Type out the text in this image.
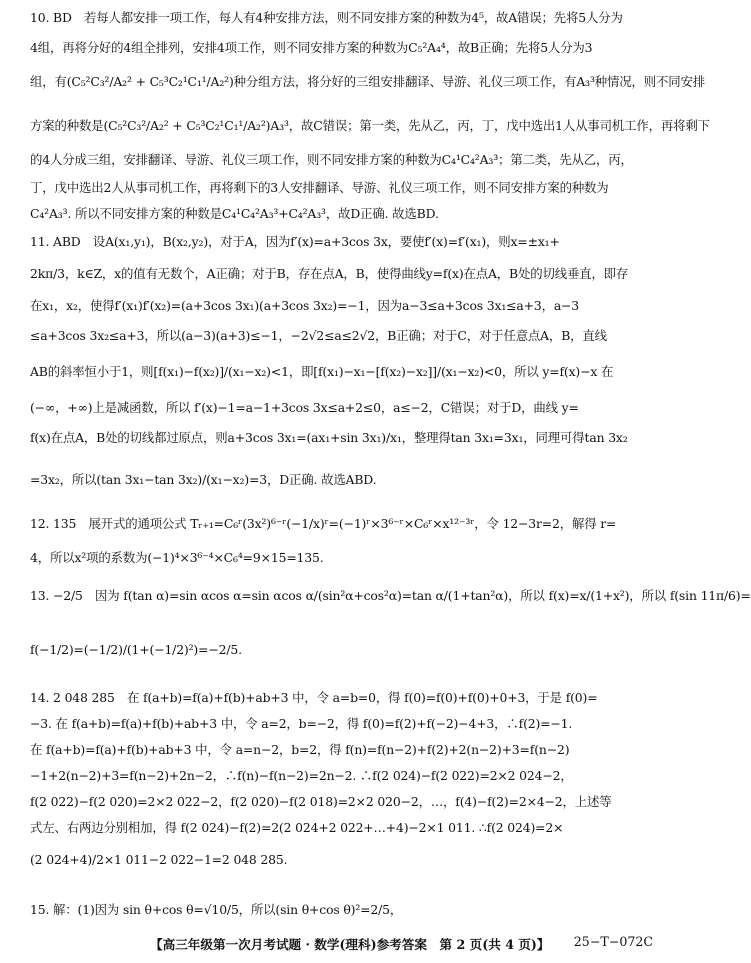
10. BD　若每人都安排一项工作，每人有4种安排方法，则不同安排方案的种数为4⁵，故A错误；先将5人分为
4组，再将分好的4组全排列，安排4项工作，则不同安排方案的种数为C₅²A₄⁴，故B正确；先将5人分为3
组，有(C₅²C₃²/A₂² + C₅³C₂¹C₁¹/A₂²)种分组方法，将分好的三组安排翻译、导游、礼仪三项工作，有A₃³种情况，则不同安排
方案的种数是(C₅²C₃²/A₂² + C₅³C₂¹C₁¹/A₂²)A₃³，故C错误；第一类，先从乙，丙，丁，戊中选出1人从事司机工作，再将剩下
的4人分成三组，安排翻译、导游、礼仪三项工作，则不同安排方案的种数为C₄¹C₄²A₃³；第二类，先从乙，丙，
丁，戊中选出2人从事司机工作，再将剩下的3人安排翻译、导游、礼仪三项工作，则不同安排方案的种数为
C₄²A₃³. 所以不同安排方案的种数是C₄¹C₄²A₃³+C₄²A₃³，故D正确. 故选BD.
11. ABD　设A(x₁,y₁)，B(x₂,y₂)，对于A，因为f′(x)=a+3cos 3x，要使f′(x)=f′(x₁)，则x=±x₁+
2kπ/3，k∈Z，x的值有无数个，A正确；对于B，存在点A，B，使得曲线y=f(x)在点A，B处的切线垂直，即存
在x₁，x₂，使得f′(x₁)f′(x₂)=(a+3cos 3x₁)(a+3cos 3x₂)=−1，因为a−3≤a+3cos 3x₁≤a+3，a−3
≤a+3cos 3x₂≤a+3，所以(a−3)(a+3)≤−1，−2√2≤a≤2√2，B正确；对于C，对于任意点A，B，直线
AB的斜率恒小于1，则[f(x₁)−f(x₂)]/(x₁−x₂)<1，即[f(x₁)−x₁−[f(x₂)−x₂]]/(x₁−x₂)<0，所以 y=f(x)−x 在
(−∞，+∞)上是减函数，所以 f′(x)−1=a−1+3cos 3x≤a+2≤0，a≤−2，C错误；对于D，曲线 y=
f(x)在点A，B处的切线都过原点，则a+3cos 3x₁=(ax₁+sin 3x₁)/x₁，整理得tan 3x₁=3x₁，同理可得tan 3x₂
=3x₂，所以(tan 3x₁−tan 3x₂)/(x₁−x₂)=3，D正确. 故选ABD.
12. 135　展开式的通项公式 Tᵣ₊₁=C₆ʳ(3x²)⁶⁻ʳ(−1/x)ʳ=(−1)ʳ×3⁶⁻ʳ×C₆ʳ×x¹²⁻³ʳ，令 12−3r=2，解得 r=
4，所以x²项的系数为(−1)⁴×3⁶⁻⁴×C₆⁴=9×15=135.
13. −2/5　因为 f(tan α)=sin αcos α=sin αcos α/(sin²α+cos²α)=tan α/(1+tan²α)，所以 f(x)=x/(1+x²)，所以 f(sin 11π/6)=
f(−1/2)=(−1/2)/(1+(−1/2)²)=−2/5.
14. 2 048 285　在 f(a+b)=f(a)+f(b)+ab+3 中，令 a=b=0，得 f(0)=f(0)+f(0)+0+3，于是 f(0)=
−3. 在 f(a+b)=f(a)+f(b)+ab+3 中，令 a=2，b=−2，得 f(0)=f(2)+f(−2)−4+3，∴f(2)=−1.
在 f(a+b)=f(a)+f(b)+ab+3 中，令 a=n−2，b=2，得 f(n)=f(n−2)+f(2)+2(n−2)+3=f(n−2)
−1+2(n−2)+3=f(n−2)+2n−2，∴f(n)−f(n−2)=2n−2. ∴f(2 024)−f(2 022)=2×2 024−2，
f(2 022)−f(2 020)=2×2 022−2，f(2 020)−f(2 018)=2×2 020−2，…，f(4)−f(2)=2×4−2，上述等
式左、右两边分别相加，得 f(2 024)−f(2)=2(2 024+2 022+…+4)−2×1 011. ∴f(2 024)=2×
(2 024+4)/2×1 011−2 022−1=2 048 285.
15. 解：(1)因为 sin θ+cos θ=√10/5，所以(sin θ+cos θ)²=2/5，
【高三年级第一次月考试题 · 数学(理科)参考答案　第 2 页(共 4 页)】 25−T−072C
